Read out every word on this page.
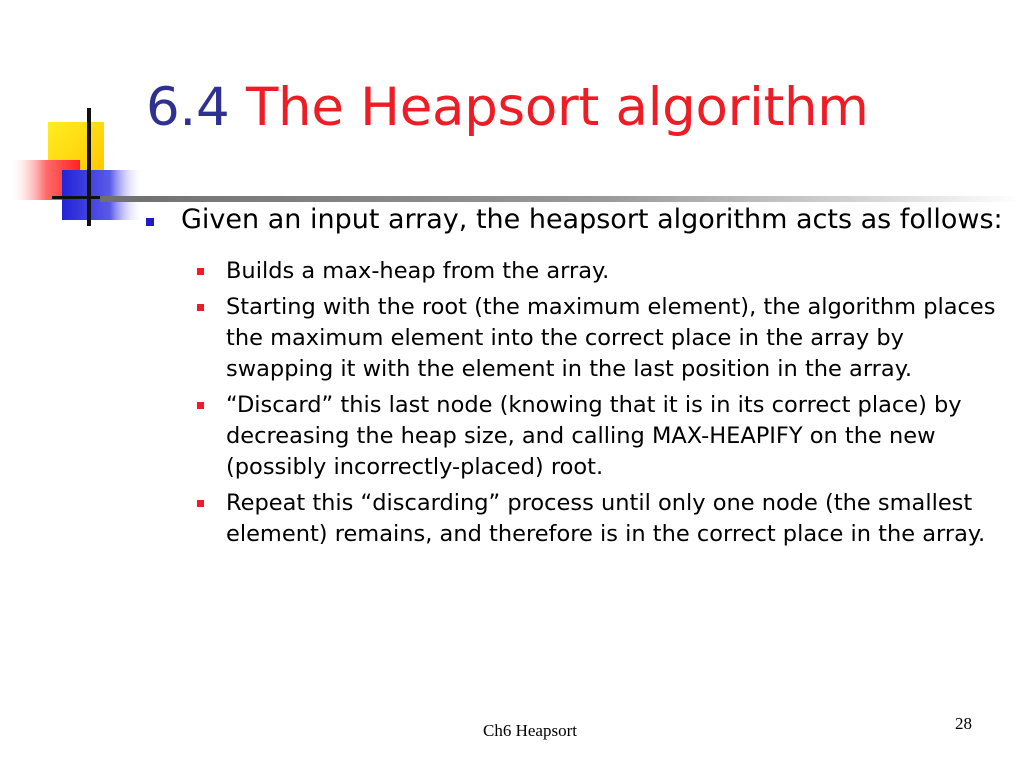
6.4 The Heapsort algorithm
Given an input array, the heapsort algorithm acts as follows:
Builds a max-heap from the array.
Starting with the root (the maximum element), the algorithm places the maximum element into the correct place in the array by swapping it with the element in the last position in the array.
“Discard” this last node (knowing that it is in its correct place) by decreasing the heap size, and calling MAX-HEAPIFY on the new (possibly incorrectly-placed) root.
Repeat this “discarding” process until only one node (the smallest element) remains, and therefore is in the correct place in the array.
Ch6 Heapsort	28
